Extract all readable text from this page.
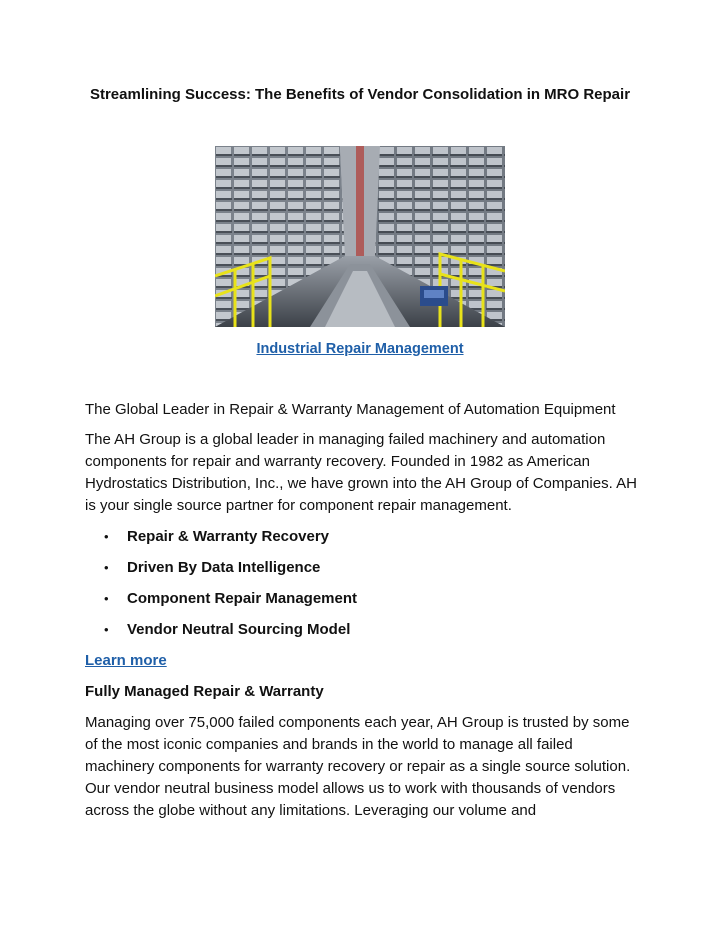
Streamlining Success: The Benefits of Vendor Consolidation in MRO Repair
Industrial Repair Management

The Global Leader in Repair & Warranty Management of Automation Equipment

The AH Group is a global leader in managing failed machinery and automation components for repair and warranty recovery. Founded in 1982 as American Hydrostatics Distribution, Inc., we have grown into the AH Group of Companies. AH is your single source partner for component repair management.

• Repair & Warranty Recovery
• Driven By Data Intelligence
• Component Repair Management
• Vendor Neutral Sourcing Model

Learn more

Fully Managed Repair & Warranty

Managing over 75,000 failed components each year, AH Group is trusted by some of the most iconic companies and brands in the world to manage all failed machinery components for warranty recovery or repair as a single source solution. Our vendor neutral business model allows us to work with thousands of vendors across the globe without any limitations. Leveraging our volume and
